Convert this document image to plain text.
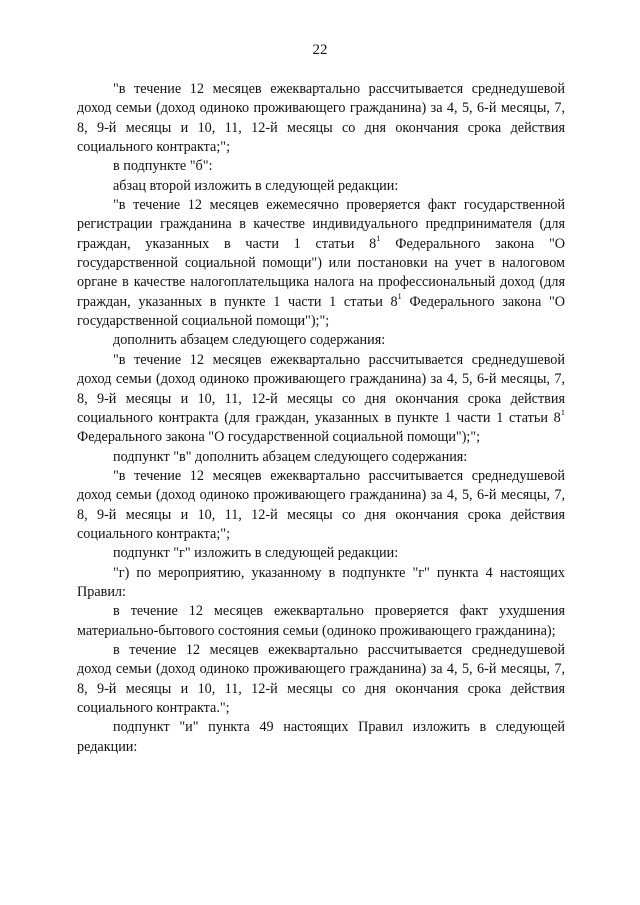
22

"в течение 12 месяцев ежеквартально рассчитывается среднедушевой доход семьи (доход одиноко проживающего гражданина) за 4, 5, 6-й месяцы, 7, 8, 9-й месяцы и 10, 11, 12-й месяцы со дня окончания срока действия социального контракта;";

в подпункте "б":

абзац второй изложить в следующей редакции:

"в течение 12 месяцев ежемесячно проверяется факт государственной регистрации гражданина в качестве индивидуального предпринимателя (для граждан, указанных в части 1 статьи $8^1$ Федерального закона "О государственной социальной помощи") или постановки на учет в налоговом органе в качестве налогоплательщика налога на профессиональный доход (для граждан, указанных в пункте 1 части 1 статьи $8^1$ Федерального закона "О государственной социальной помощи");";

дополнить абзацем следующего содержания:

"в течение 12 месяцев ежеквартально рассчитывается среднедушевой доход семьи (доход одиноко проживающего гражданина) за 4, 5, 6-й месяцы, 7, 8, 9-й месяцы и 10, 11, 12-й месяцы со дня окончания срока действия социального контракта (для граждан, указанных в пункте 1 части 1 статьи $8^1$ Федерального закона "О государственной социальной помощи");";

подпункт "в" дополнить абзацем следующего содержания:

"в течение 12 месяцев ежеквартально рассчитывается среднедушевой доход семьи (доход одиноко проживающего гражданина) за 4, 5, 6-й месяцы, 7, 8, 9-й месяцы и 10, 11, 12-й месяцы со дня окончания срока действия социального контракта;";

подпункт "г" изложить в следующей редакции:

"г) по мероприятию, указанному в подпункте "г" пункта 4 настоящих Правил:

в течение 12 месяцев ежеквартально проверяется факт ухудшения материально-бытового состояния семьи (одиноко проживающего гражданина);

в течение 12 месяцев ежеквартально рассчитывается среднедушевой доход семьи (доход одиноко проживающего гражданина) за 4, 5, 6-й месяцы, 7, 8, 9-й месяцы и 10, 11, 12-й месяцы со дня окончания срока действия социального контракта.";

подпункт "и" пункта 49 настоящих Правил изложить в следующей редакции:
